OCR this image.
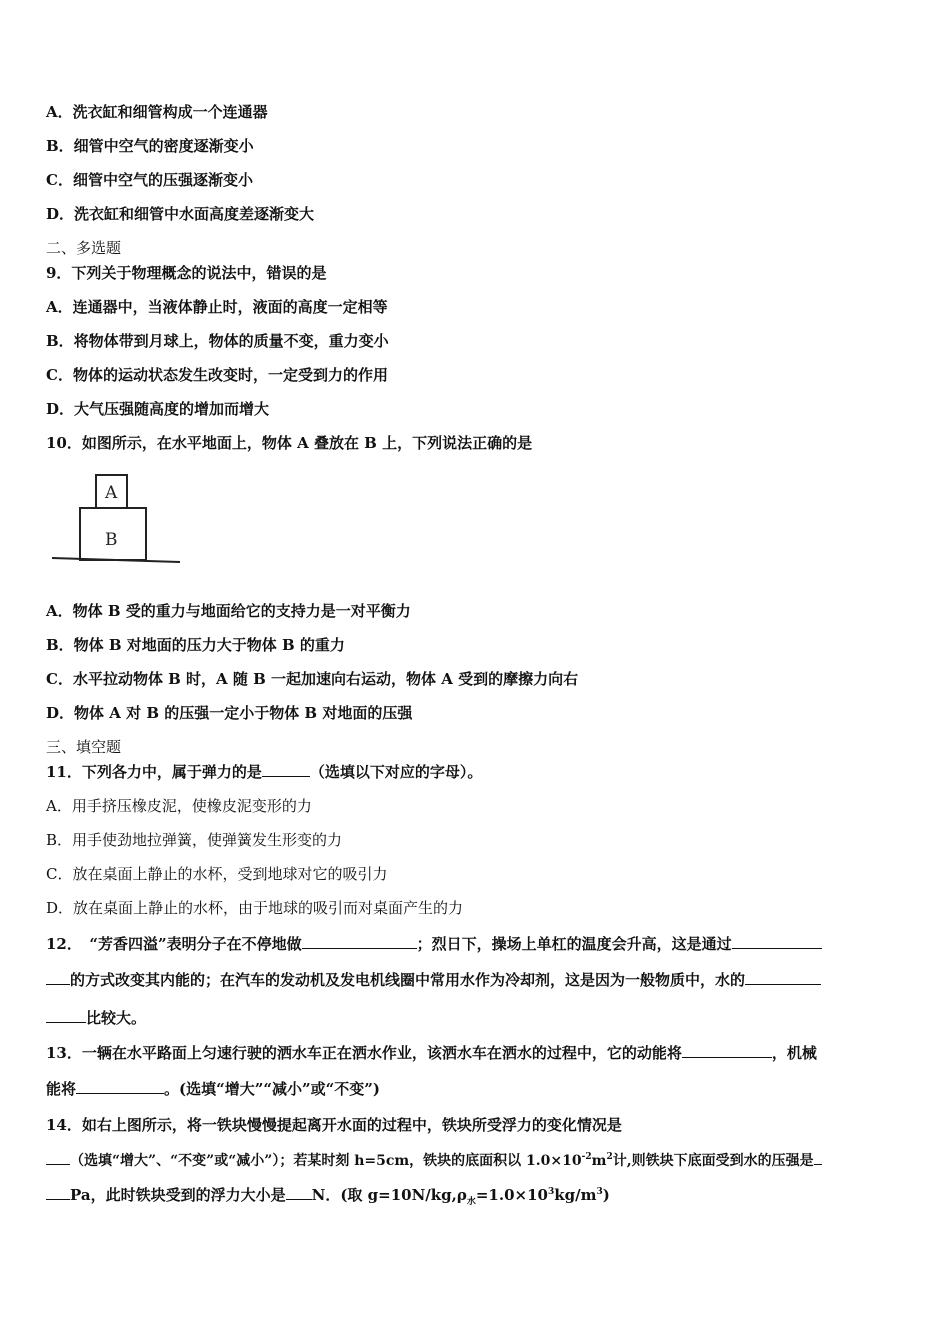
A．洗衣缸和细管构成一个连通器
B．细管中空气的密度逐渐变小
C．细管中空气的压强逐渐变小
D．洗衣缸和细管中水面高度差逐渐变大
二、多选题
9．下列关于物理概念的说法中，错误的是
A．连通器中，当液体静止时，液面的高度一定相等
B．将物体带到月球上，物体的质量不变，重力变小
C．物体的运动状态发生改变时，一定受到力的作用
D．大气压强随高度的增加而增大
10．如图所示，在水平地面上，物体 A 叠放在 B 上，下列说法正确的是
A
B
A．物体 B 受的重力与地面给它的支持力是一对平衡力
B．物体 B 对地面的压力大于物体 B 的重力
C．水平拉动物体 B 时，A 随 B 一起加速向右运动，物体 A 受到的摩擦力向右
D．物体 A 对 B 的压强一定小于物体 B 对地面的压强
三、填空题
11．下列各力中，属于弹力的是	（选填以下对应的字母）。
A．用手挤压橡皮泥，使橡皮泥变形的力
B．用手使劲地拉弹簧，使弹簧发生形变的力
C．放在桌面上静止的水杯，受到地球对它的吸引力
D．放在桌面上静止的水杯，由于地球的吸引而对桌面产生的力
12．　“芳香四溢”表明分子在不停地做	；烈日下，操场上单杠的温度会升高，这是通过
的方式改变其内能的；在汽车的发动机及发电机线圈中常用水作为冷却剂，这是因为一般物质中，水的
比较大。
13．一辆在水平路面上匀速行驶的洒水车正在洒水作业，该洒水车在洒水的过程中，它的动能将	，机械
能将	。(选填“增大”“减小”或“不变”)
14．如右上图所示，将一铁块慢慢提起离开水面的过程中，铁块所受浮力的变化情况是
（选填“增大”、“不变”或“减小”）；若某时刻 h=5cm，铁块的底面积以 $1.0\times 10^{-2}m^2$计,则铁块下底面受到水的压强是
Pa，此时铁块受到的浮力大小是 N．(取 $g=10N/kg,\rho_水=1.0\times 10^3kg/m^3$)
